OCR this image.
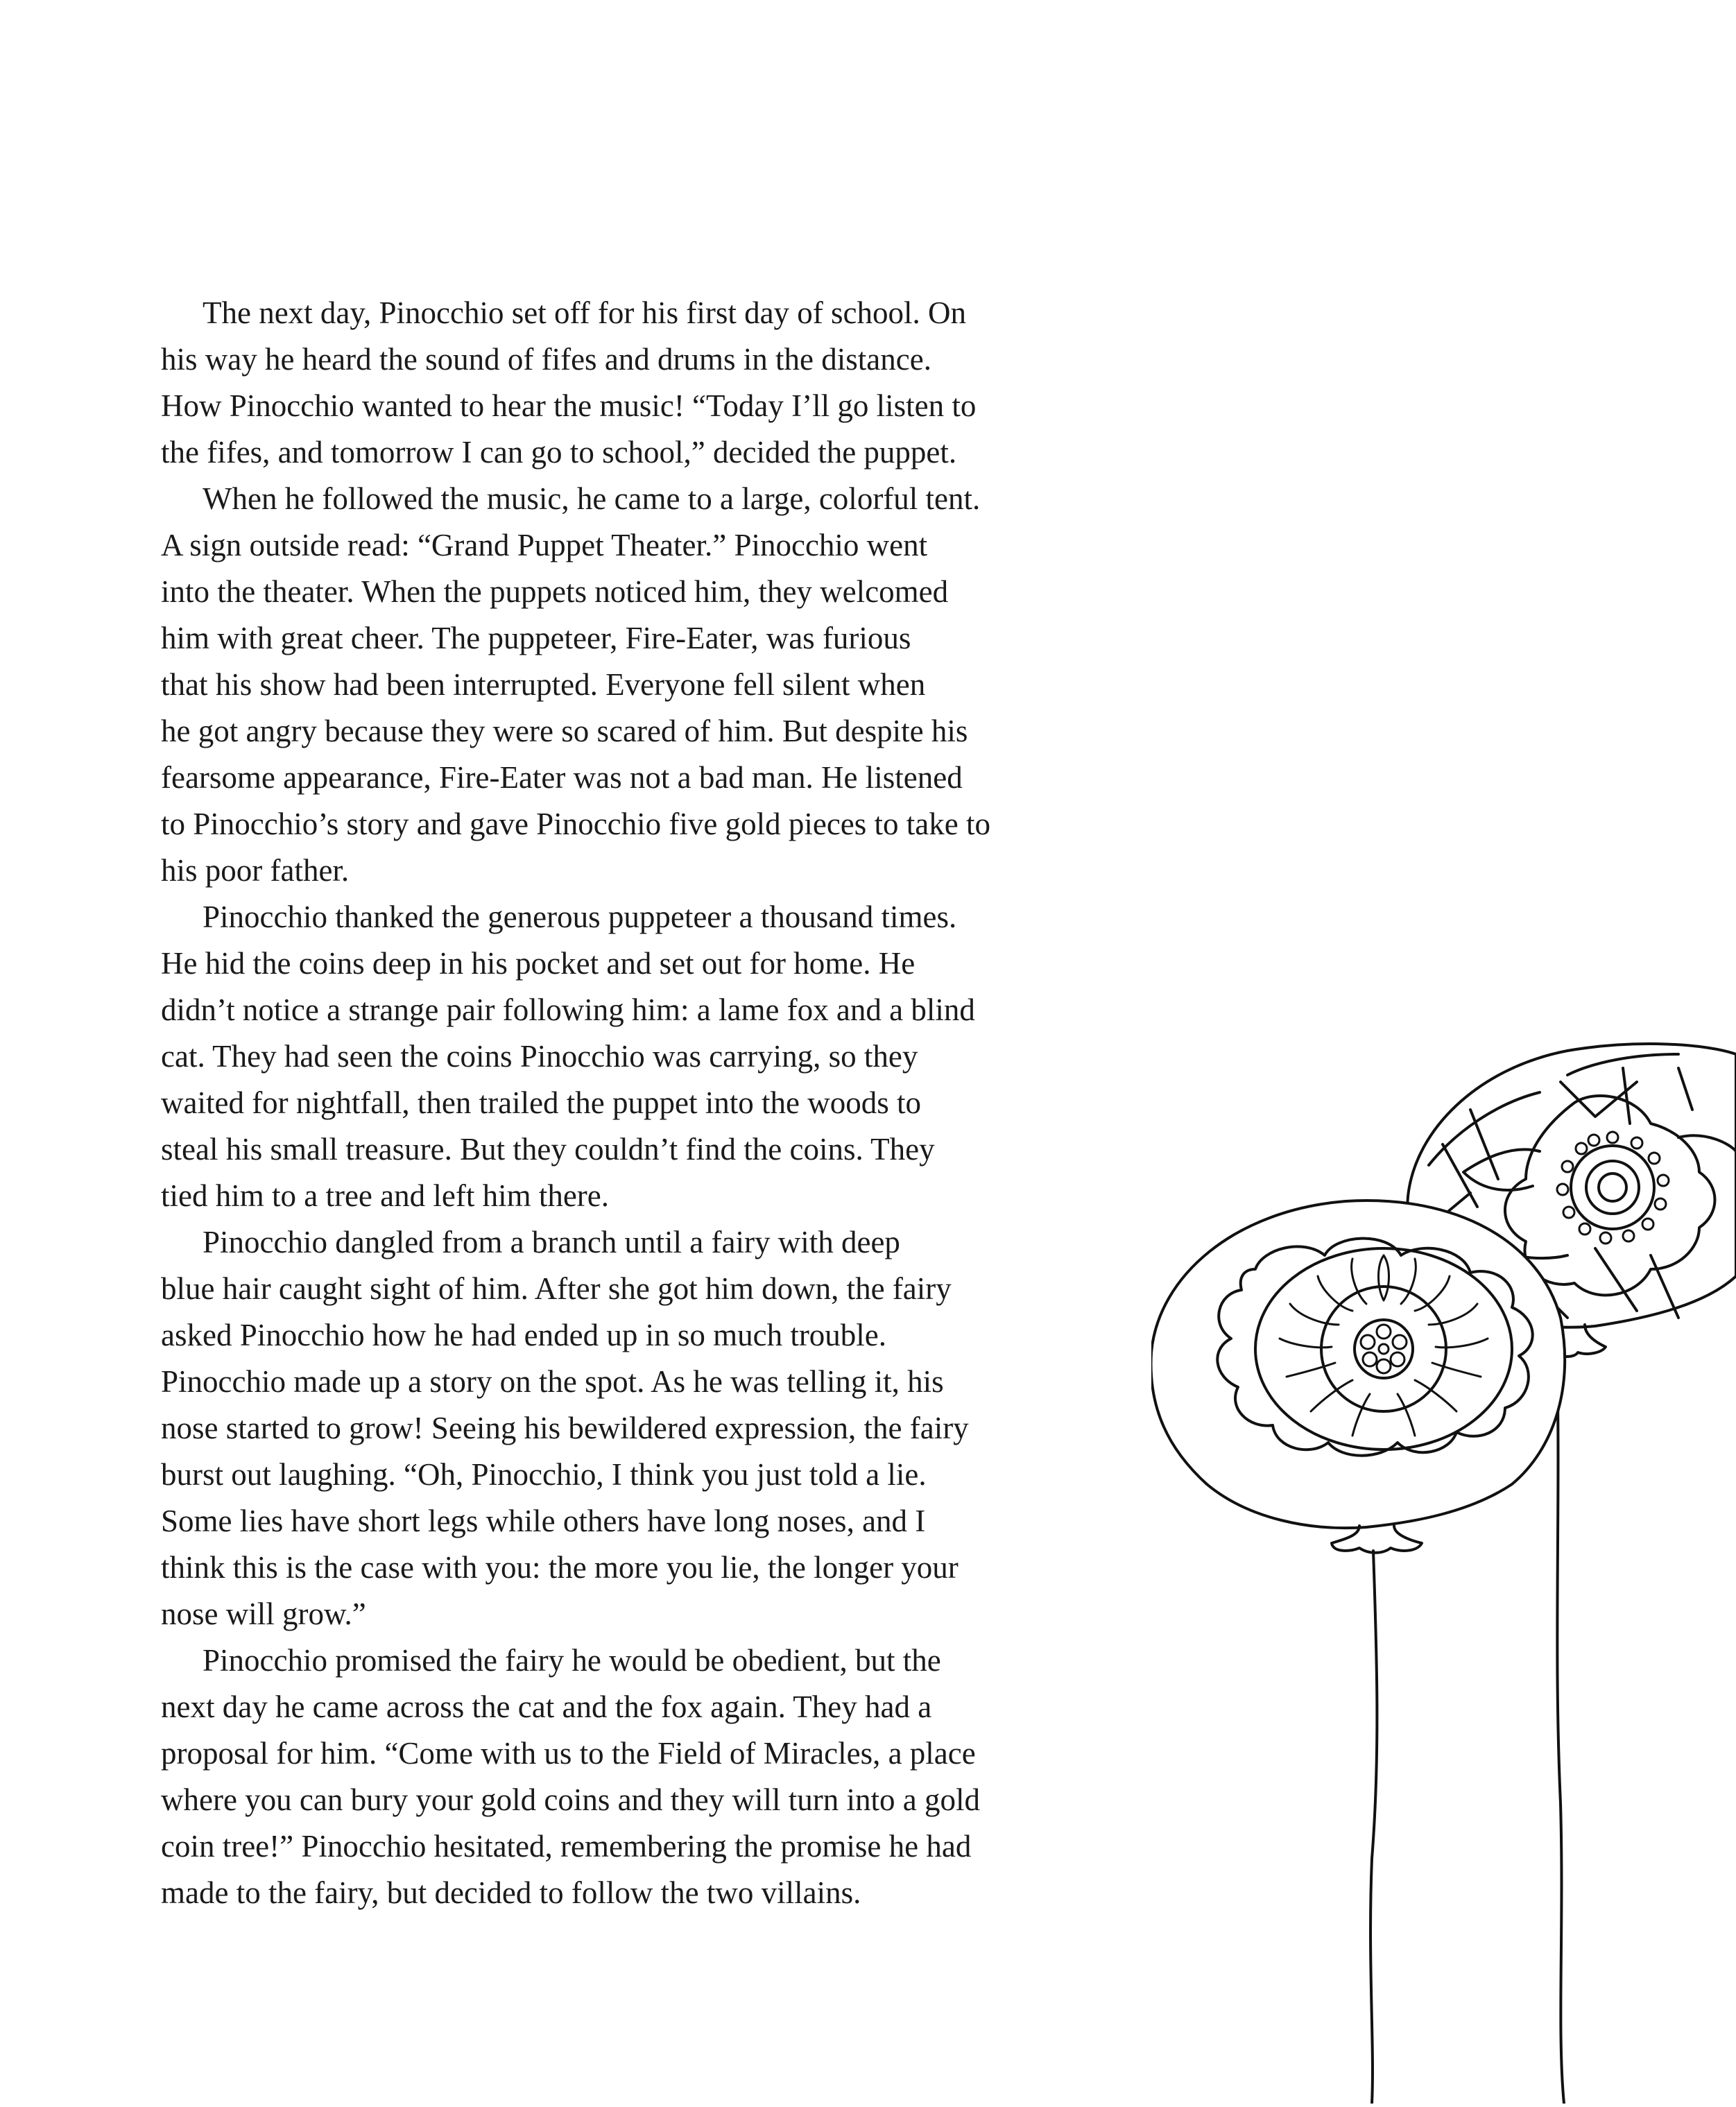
The next day, Pinocchio set off for his first day of school. On
his way he heard the sound of fifes and drums in the distance.
How Pinocchio wanted to hear the music! “Today I’ll go listen to
the fifes, and tomorrow I can go to school,” decided the puppet.
When he followed the music, he came to a large, colorful tent.
A sign outside read: “Grand Puppet Theater.” Pinocchio went
into the theater. When the puppets noticed him, they welcomed
him with great cheer. The puppeteer, Fire-Eater, was furious
that his show had been interrupted. Everyone fell silent when
he got angry because they were so scared of him. But despite his
fearsome appearance, Fire-Eater was not a bad man. He listened
to Pinocchio’s story and gave Pinocchio five gold pieces to take to
his poor father.
Pinocchio thanked the generous puppeteer a thousand times.
He hid the coins deep in his pocket and set out for home. He
didn’t notice a strange pair following him: a lame fox and a blind
cat. They had seen the coins Pinocchio was carrying, so they
waited for nightfall, then trailed the puppet into the woods to
steal his small treasure. But they couldn’t find the coins. They
tied him to a tree and left him there.
Pinocchio dangled from a branch until a fairy with deep
blue hair caught sight of him. After she got him down, the fairy
asked Pinocchio how he had ended up in so much trouble.
Pinocchio made up a story on the spot. As he was telling it, his
nose started to grow! Seeing his bewildered expression, the fairy
burst out laughing. “Oh, Pinocchio, I think you just told a lie.
Some lies have short legs while others have long noses, and I
think this is the case with you: the more you lie, the longer your
nose will grow.”
Pinocchio promised the fairy he would be obedient, but the
next day he came across the cat and the fox again. They had a
proposal for him. “Come with us to the Field of Miracles, a place
where you can bury your gold coins and they will turn into a gold
coin tree!” Pinocchio hesitated, remembering the promise he had
made to the fairy, but decided to follow the two villains.
